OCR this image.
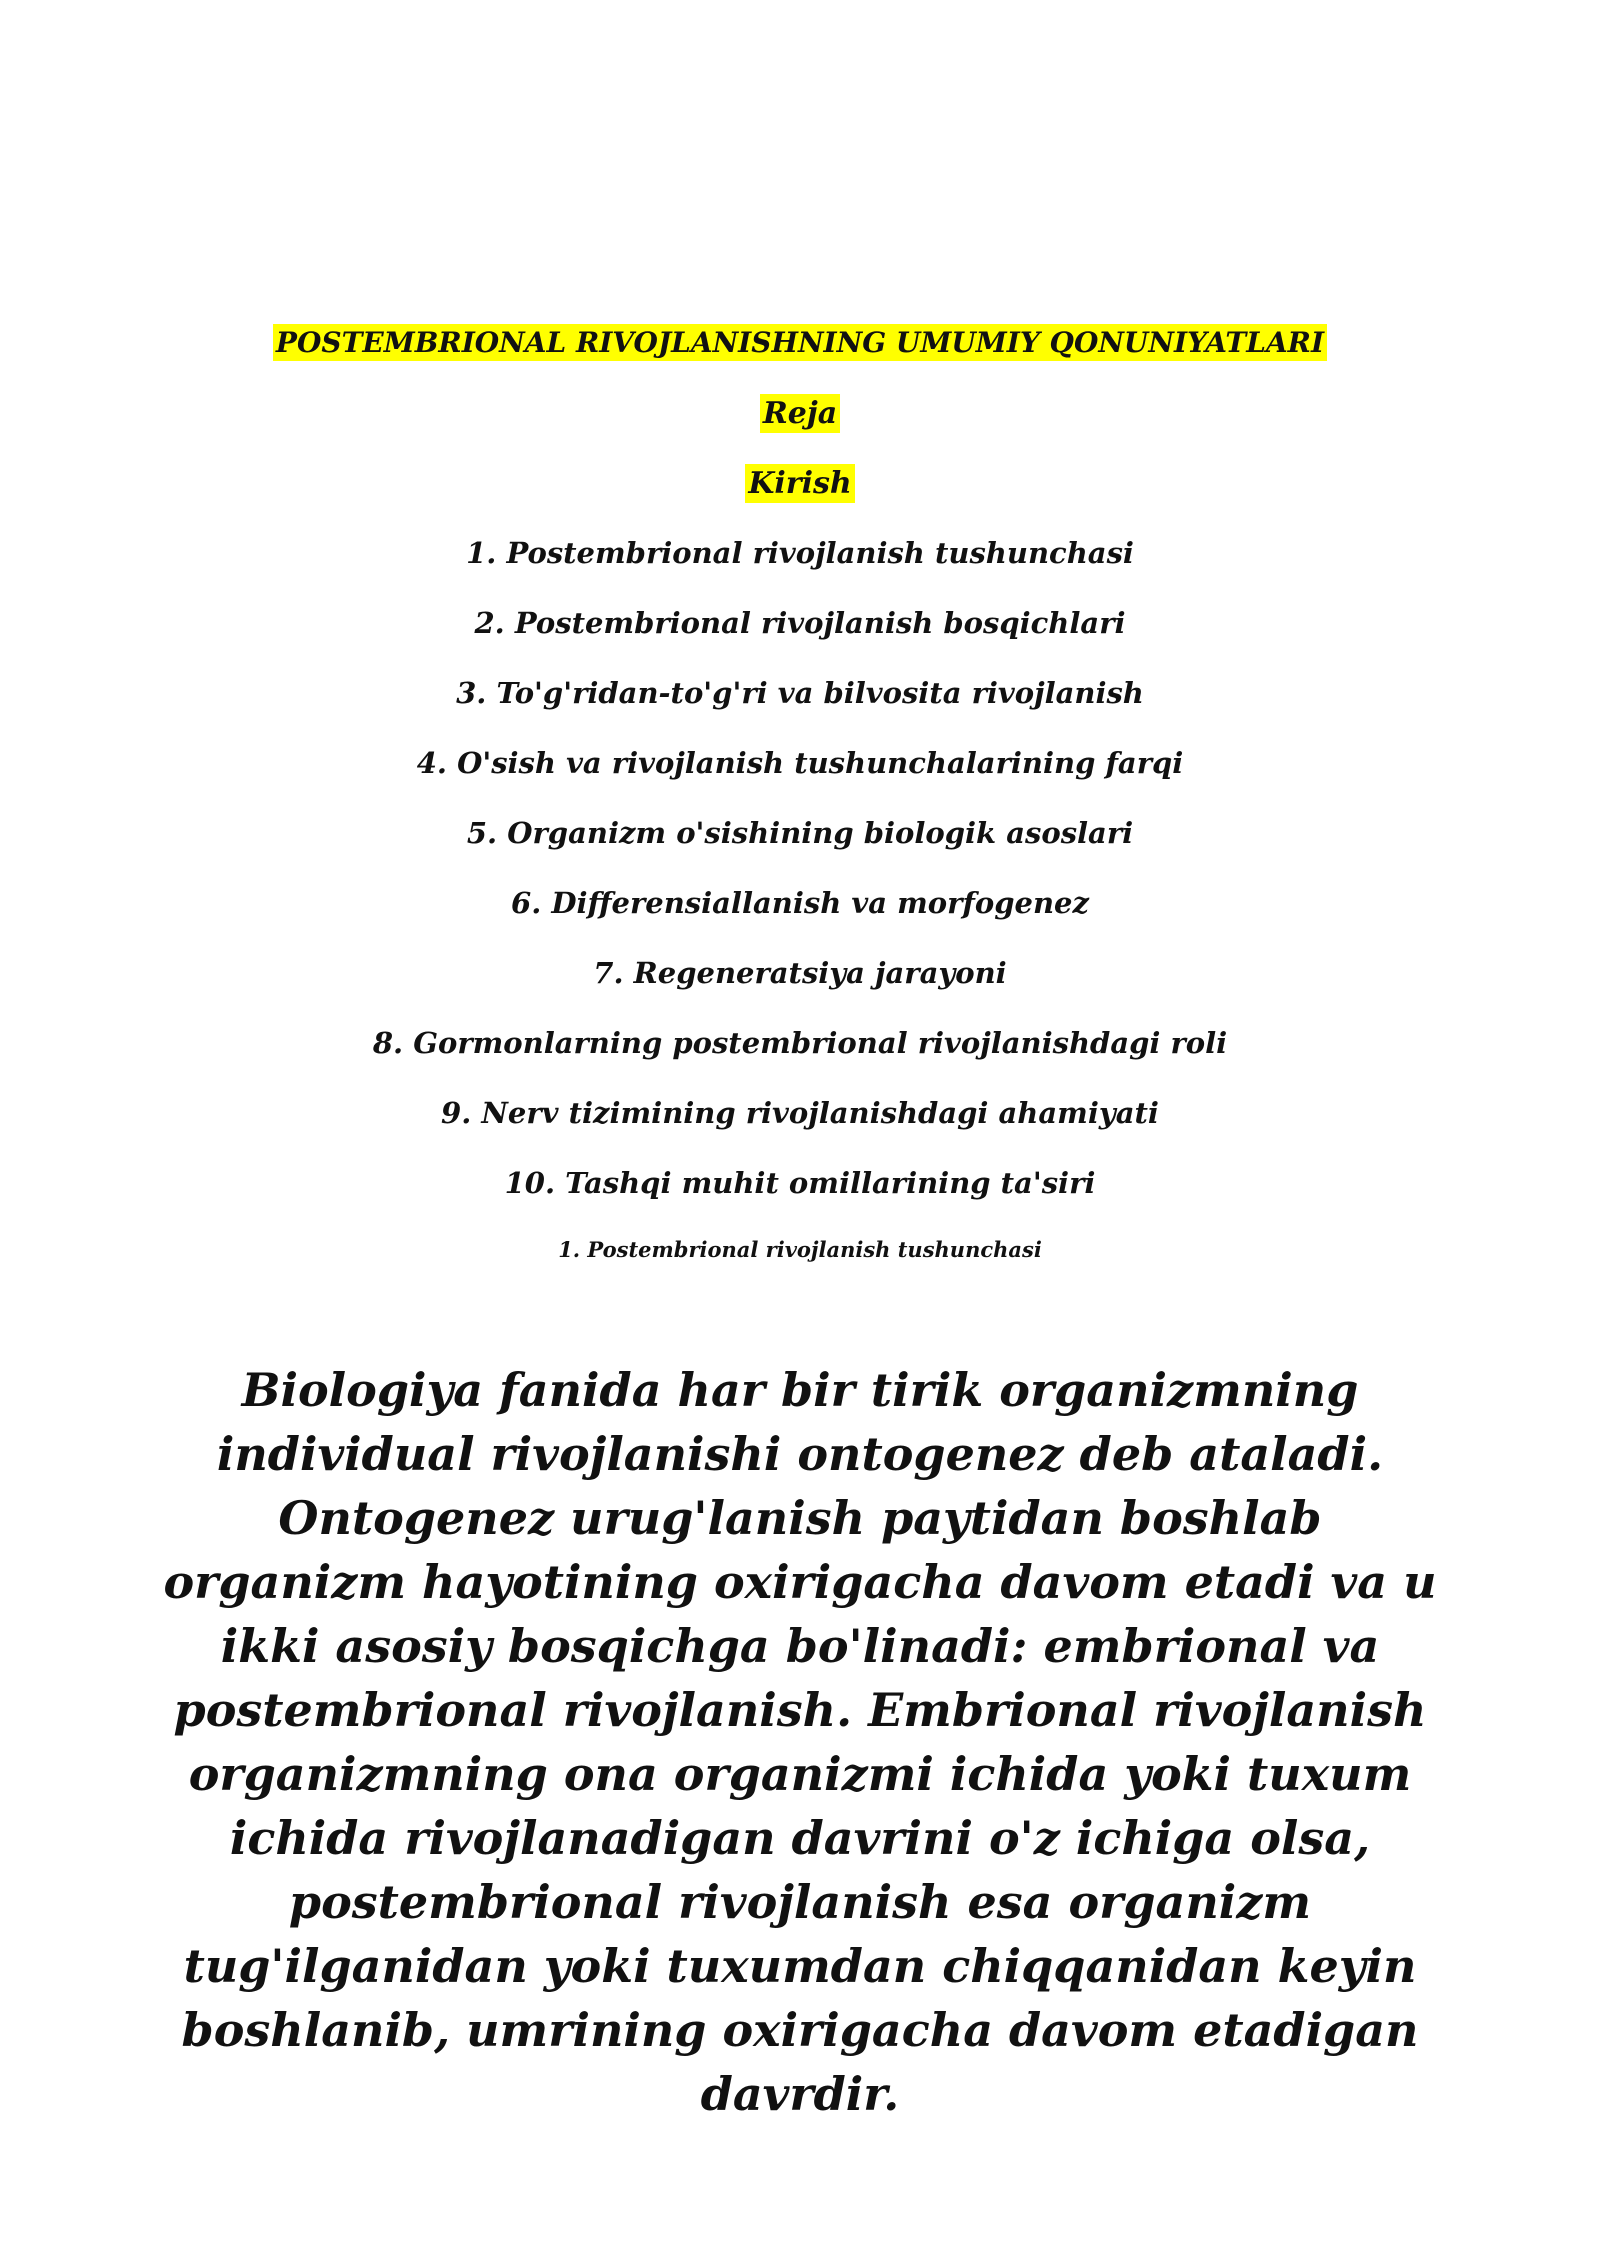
POSTEMBRIONAL RIVOJLANISHNING UMUMIY QONUNIYATLARI
Reja
Kirish
1. Postembrional rivojlanish tushunchasi
2. Postembrional rivojlanish bosqichlari
3. To'g'ridan-to'g'ri va bilvosita rivojlanish
4. O'sish va rivojlanish tushunchalarining farqi
5. Organizm o'sishining biologik asoslari
6. Differensiallanish va morfogenez
7. Regeneratsiya jarayoni
8. Gormonlarning postembrional rivojlanishdagi roli
9. Nerv tizimining rivojlanishdagi ahamiyati
10. Tashqi muhit omillarining ta'siri
1. Postembrional rivojlanish tushunchasi

Biologiya fanida har bir tirik organizmning individual rivojlanishi ontogenez deb ataladi. Ontogenez urug'lanish paytidan boshlab organizm hayotining oxirigacha davom etadi va u ikki asosiy bosqichga bo'linadi: embrional va postembrional rivojlanish. Embrional rivojlanish organizmning ona organizmi ichida yoki tuxum ichida rivojlanadigan davrini o'z ichiga olsa, postembrional rivojlanish esa organizm tug'ilganidan yoki tuxumdan chiqqanidan keyin boshlanib, umrining oxirigacha davom etadigan davrdir.
